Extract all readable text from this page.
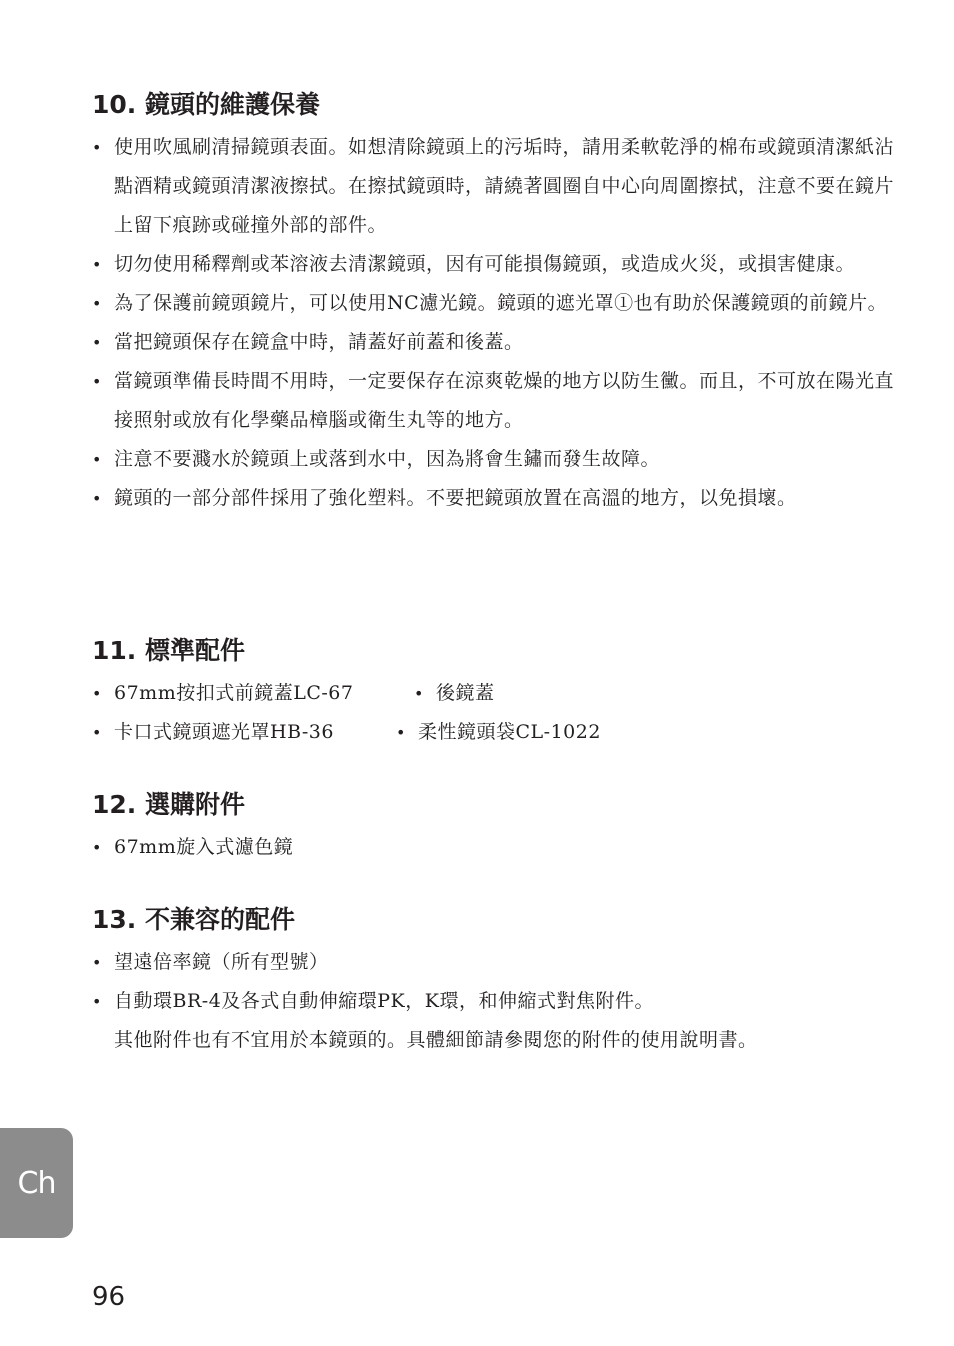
10. 鏡頭的維護保養
• 使用吹風刷清掃鏡頭表面。如想清除鏡頭上的污垢時，請用柔軟乾淨的棉布或鏡頭清潔紙沾點酒精或鏡頭清潔液擦拭。在擦拭鏡頭時，請繞著圓圈自中心向周圍擦拭，注意不要在鏡片上留下痕跡或碰撞外部的部件。
• 切勿使用稀釋劑或苯溶液去清潔鏡頭，因有可能損傷鏡頭，或造成火災，或損害健康。
• 為了保護前鏡頭鏡片，可以使用NC濾光鏡。鏡頭的遮光罩①也有助於保護鏡頭的前鏡片。
• 當把鏡頭保存在鏡盒中時，請蓋好前蓋和後蓋。
• 當鏡頭準備長時間不用時，一定要保存在涼爽乾燥的地方以防生黴。而且，不可放在陽光直接照射或放有化學藥品樟腦或衛生丸等的地方。
• 注意不要濺水於鏡頭上或落到水中，因為將會生鏽而發生故障。
• 鏡頭的一部分部件採用了強化塑料。不要把鏡頭放置在高溫的地方，以免損壞。
11. 標準配件
• 67mm按扣式前鏡蓋LC-67	• 後鏡蓋
• 卡口式鏡頭遮光罩HB-36	• 柔性鏡頭袋CL-1022
12. 選購附件
• 67mm旋入式濾色鏡
13. 不兼容的配件
• 望遠倍率鏡（所有型號）
• 自動環BR-4及各式自動伸縮環PK，K環，和伸縮式對焦附件。
其他附件也有不宜用於本鏡頭的。具體細節請參閱您的附件的使用說明書。
Ch
96
